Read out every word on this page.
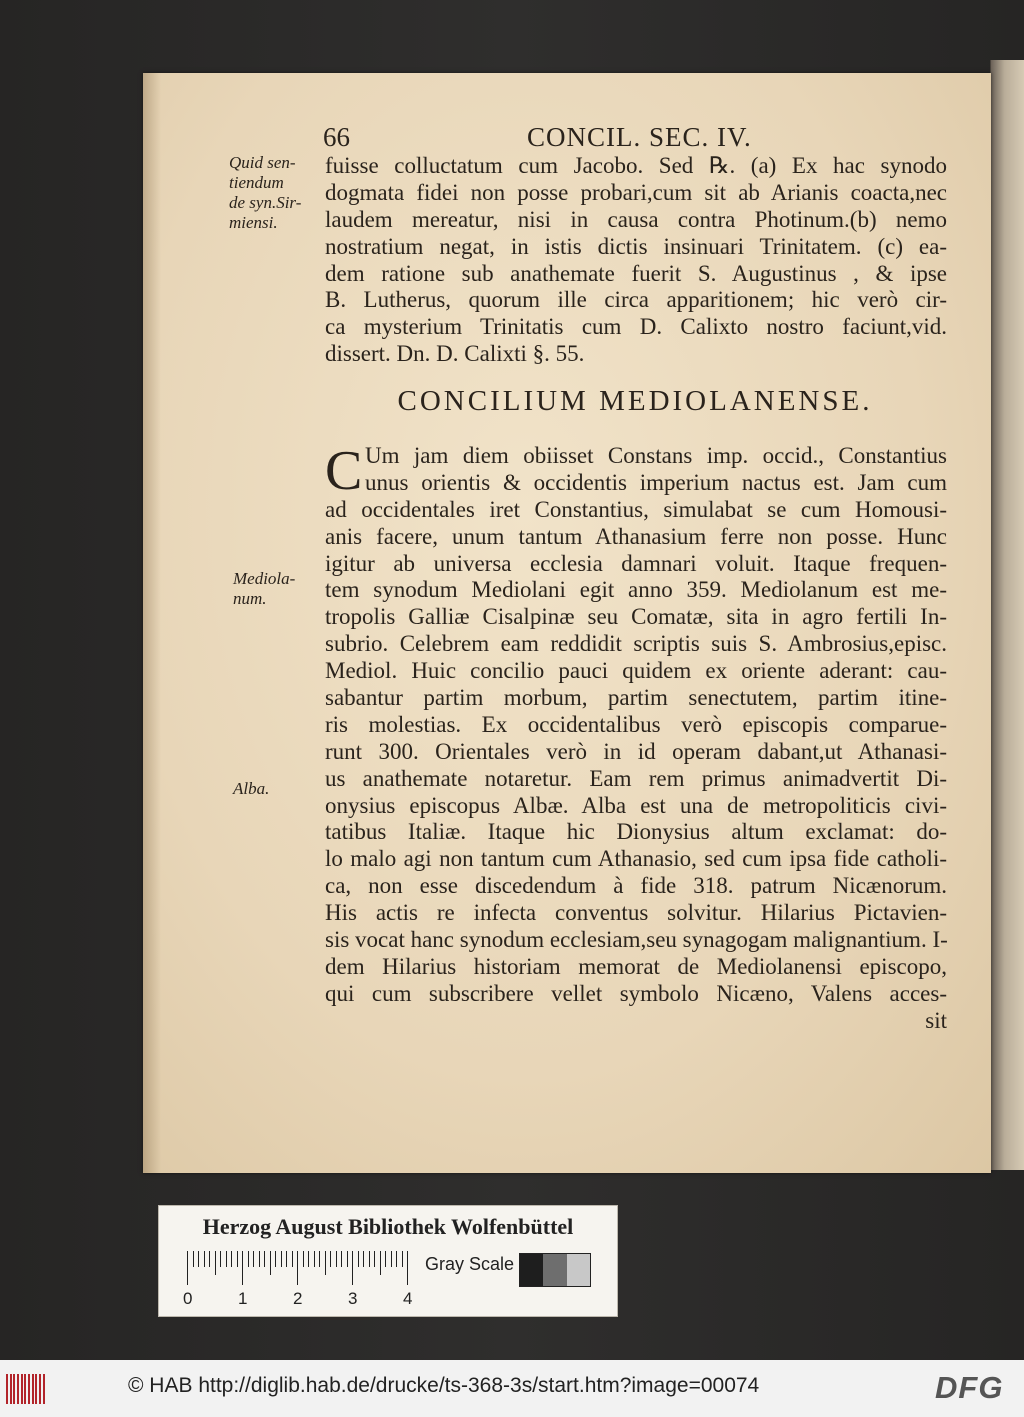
66	CONCIL. SEC. IV.
Quid sen-
tiendum
de syn.Sir-
miensi.
Mediola-
num.
Alba.
fuisse colluctatum cum Jacobo. Sed ℞. (a) Ex hac synodo
dogmata fidei non posse probari,cum sit ab Arianis coacta,nec
laudem mereatur, nisi in causa contra Photinum.(b) nemo
nostratium negat, in istis dictis insinuari Trinitatem. (c) ea-
dem ratione sub anathemate fuerit S. Augustinus , & ipse
B. Lutherus, quorum ille circa apparitionem; hic verò cir-
ca mysterium Trinitatis cum D. Calixto nostro faciunt,vid.
dissert. Dn. D. Calixti §. 55.
CONCILIUM MEDIOLANENSE.
C Um jam diem obiisset Constans imp. occid., Constantius
unus orientis & occidentis imperium nactus est. Jam cum
ad occidentales iret Constantius, simulabat se cum Homousi-
anis facere, unum tantum Athanasium ferre non posse. Hunc
igitur ab universa ecclesia damnari voluit. Itaque frequen-
tem synodum Mediolani egit anno 359. Mediolanum est me-
tropolis Galliæ Cisalpinæ seu Comatæ, sita in agro fertili In-
subrio. Celebrem eam reddidit scriptis suis S. Ambrosius,episc.
Mediol. Huic concilio pauci quidem ex oriente aderant: cau-
sabantur partim morbum, partim senectutem, partim itine-
ris molestias. Ex occidentalibus verò episcopis comparue-
runt 300. Orientales verò in id operam dabant,ut Athanasi-
us anathemate notaretur. Eam rem primus animadvertit Di-
onysius episcopus Albæ. Alba est una de metropoliticis civi-
tatibus Italiæ. Itaque hic Dionysius altum exclamat: do-
lo malo agi non tantum cum Athanasio, sed cum ipsa fide catholi-
ca, non esse discedendum à fide 318. patrum Nicænorum.
His actis re infecta conventus solvitur. Hilarius Pictavien-
sis vocat hanc synodum ecclesiam,seu synagogam malignantium. I-
dem Hilarius historiam memorat de Mediolanensi episcopo,
qui cum subscribere vellet symbolo Nicæno, Valens acces-
sit
Herzog August Bibliothek Wolfenbüttel
0	1	2	3	4
Gray Scale
© HAB http://diglib.hab.de/drucke/ts-368-3s/start.htm?image=00074	DFG
